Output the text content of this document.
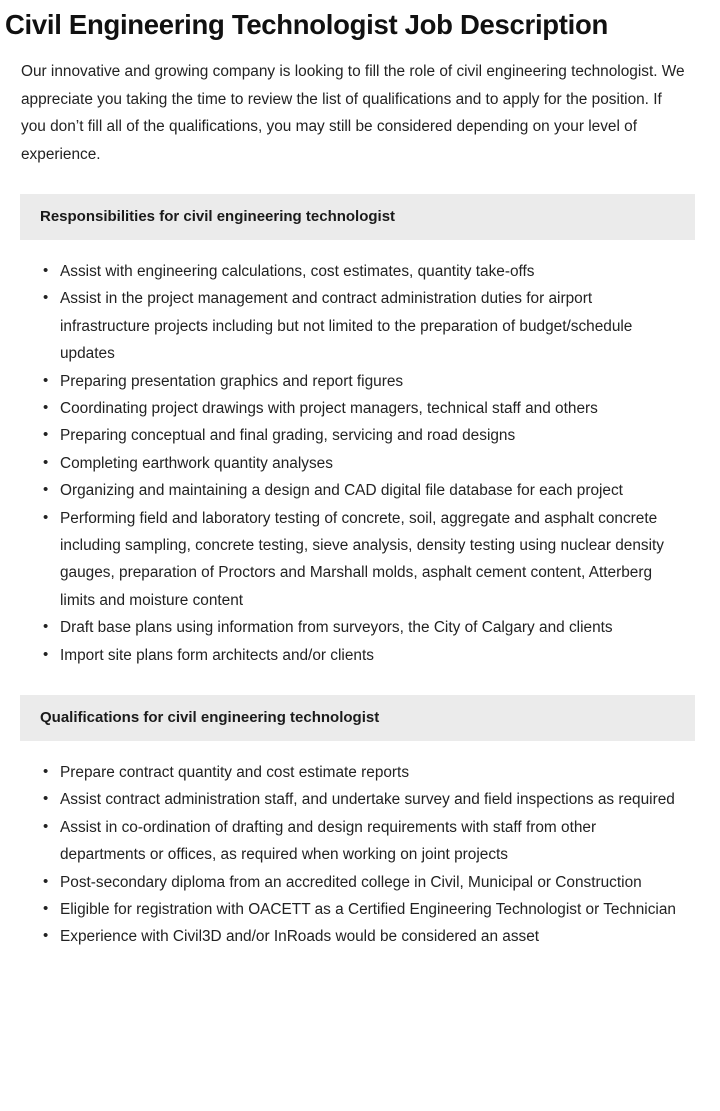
Civil Engineering Technologist Job Description

Our innovative and growing company is looking to fill the role of civil engineering technologist. We appreciate you taking the time to review the list of qualifications and to apply for the position. If you don’t fill all of the qualifications, you may still be considered depending on your level of experience.

Responsibilities for civil engineering technologist
• Assist with engineering calculations, cost estimates, quantity take-offs
• Assist in the project management and contract administration duties for airport infrastructure projects including but not limited to the preparation of budget/schedule updates
• Preparing presentation graphics and report figures
• Coordinating project drawings with project managers, technical staff and others
• Preparing conceptual and final grading, servicing and road designs
• Completing earthwork quantity analyses
• Organizing and maintaining a design and CAD digital file database for each project
• Performing field and laboratory testing of concrete, soil, aggregate and asphalt concrete including sampling, concrete testing, sieve analysis, density testing using nuclear density gauges, preparation of Proctors and Marshall molds, asphalt cement content, Atterberg limits and moisture content
• Draft base plans using information from surveyors, the City of Calgary and clients
• Import site plans form architects and/or clients
Qualifications for civil engineering technologist
• Prepare contract quantity and cost estimate reports
• Assist contract administration staff, and undertake survey and field inspections as required
• Assist in co-ordination of drafting and design requirements with staff from other departments or offices, as required when working on joint projects
• Post-secondary diploma from an accredited college in Civil, Municipal or Construction
• Eligible for registration with OACETT as a Certified Engineering Technologist or Technician
• Experience with Civil3D and/or InRoads would be considered an asset
